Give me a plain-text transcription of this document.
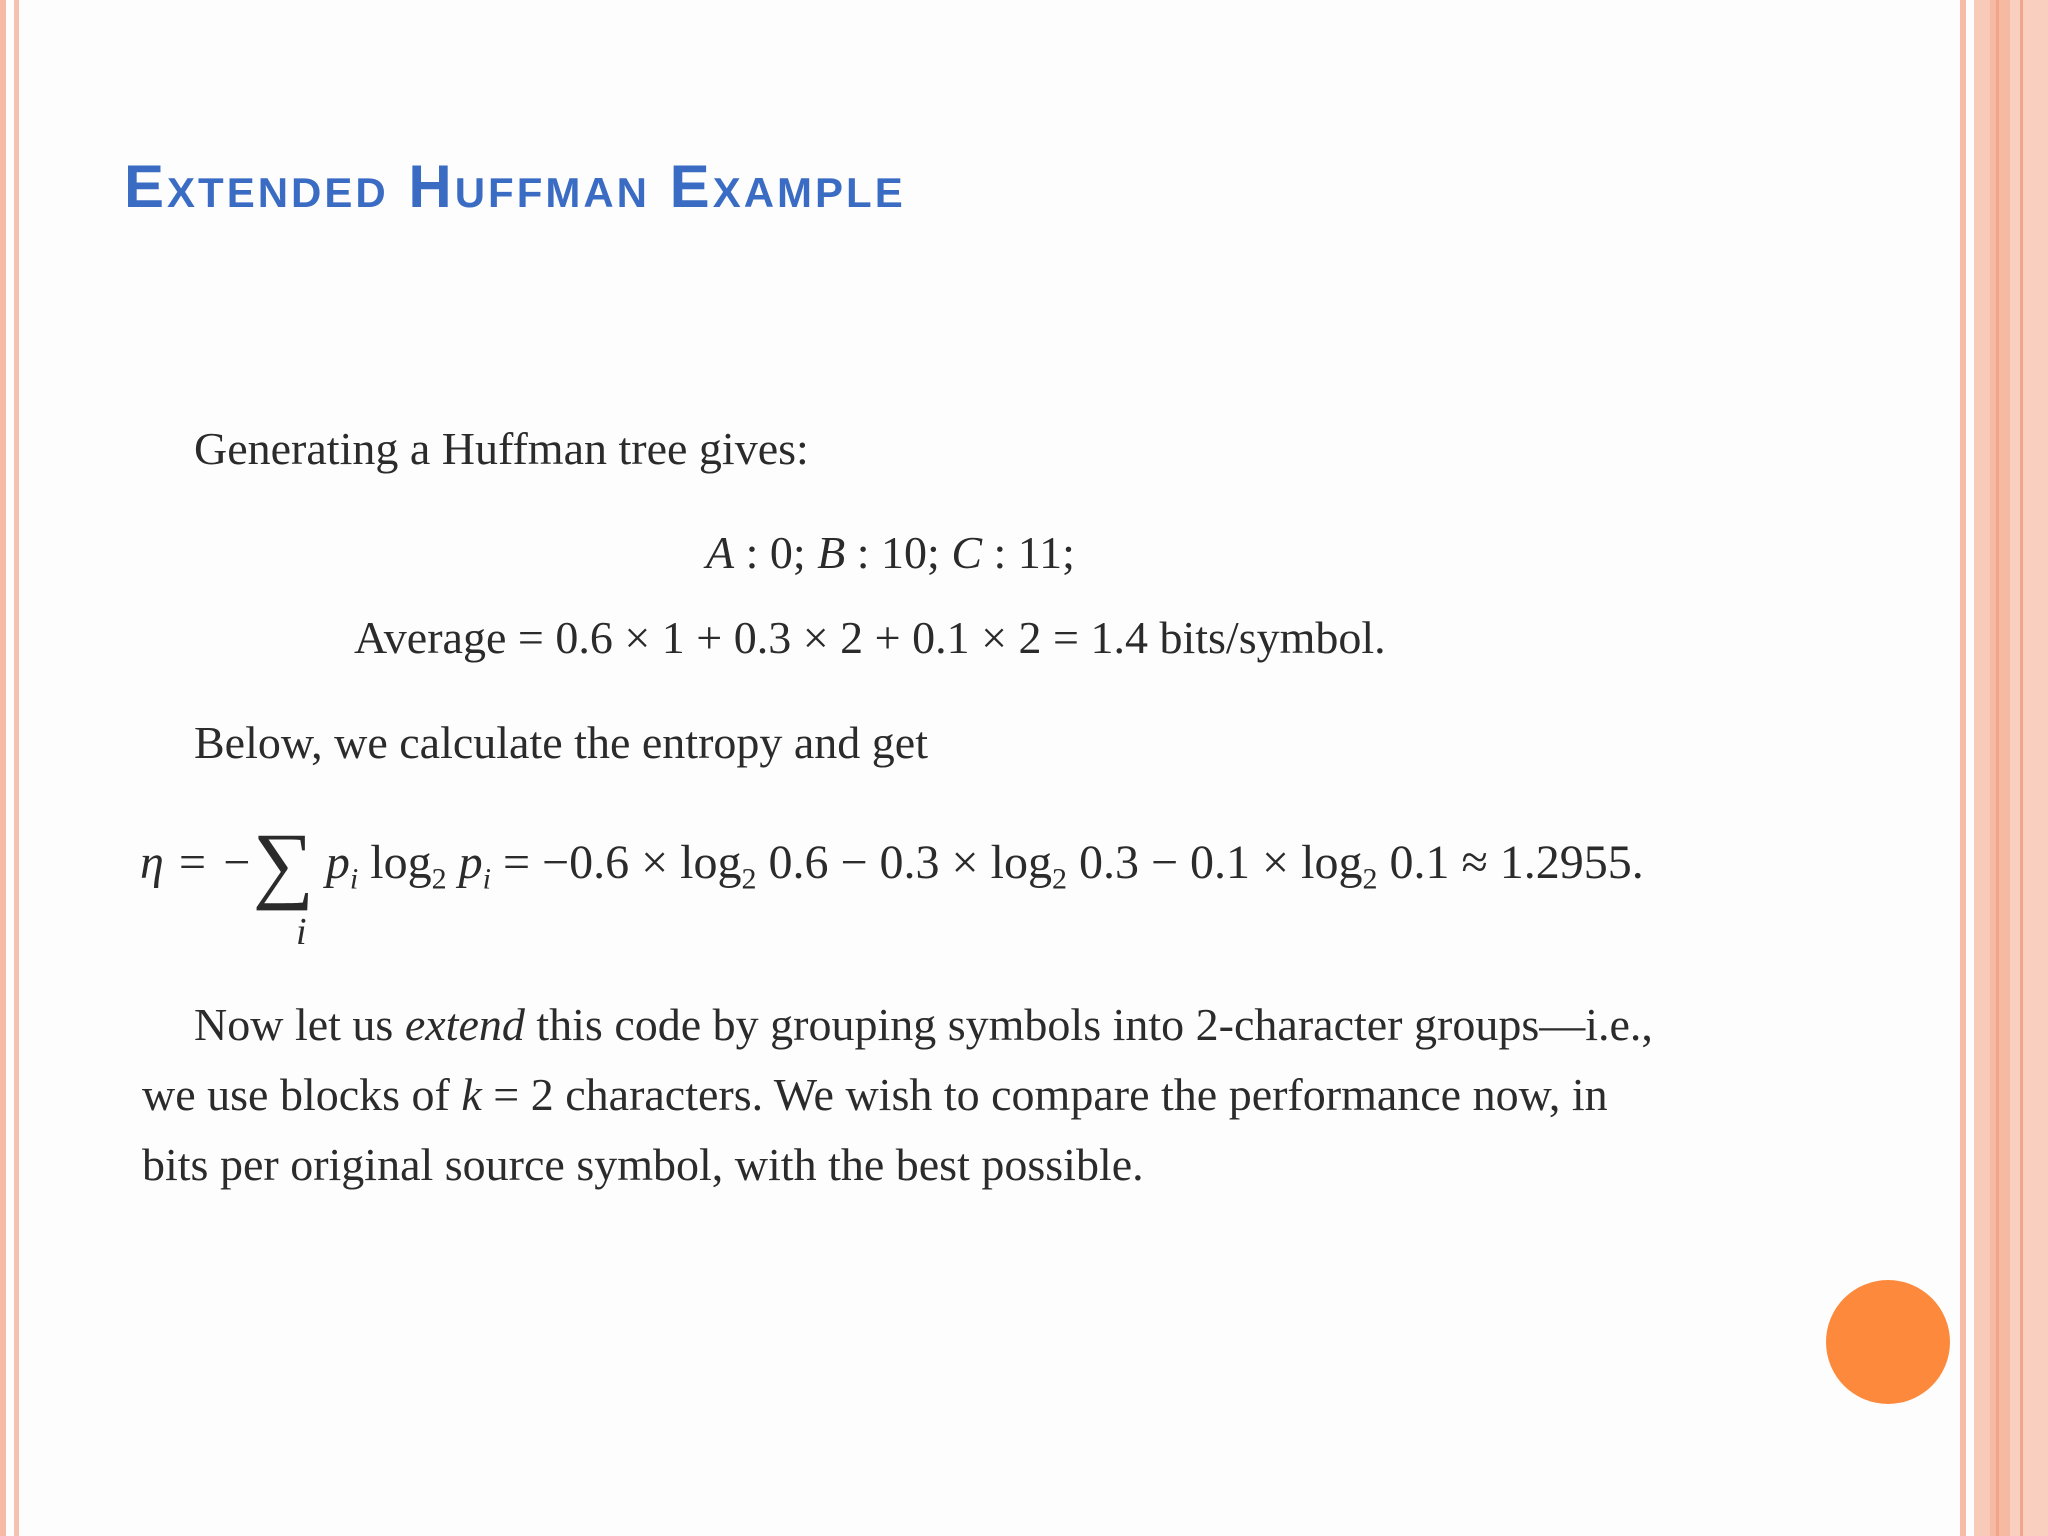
Extended Huffman Example
Generating a Huffman tree gives:
A : 0; B : 10; C : 11;
Average = 0.6 × 1 + 0.3 × 2 + 0.1 × 2 = 1.4 bits/symbol.
Below, we calculate the entropy and get
η = −∑ $p_i$ $\log_2 p_i = -0.6 \times \log_2 0.6 - 0.3 \times \log_2 0.3 - 0.1 \times \log_2 0.1 \approx 1.2955$.
i
Now let us extend this code by grouping symbols into 2-character groups—i.e.,
we use blocks of k = 2 characters. We wish to compare the performance now, in
bits per original source symbol, with the best possible.
